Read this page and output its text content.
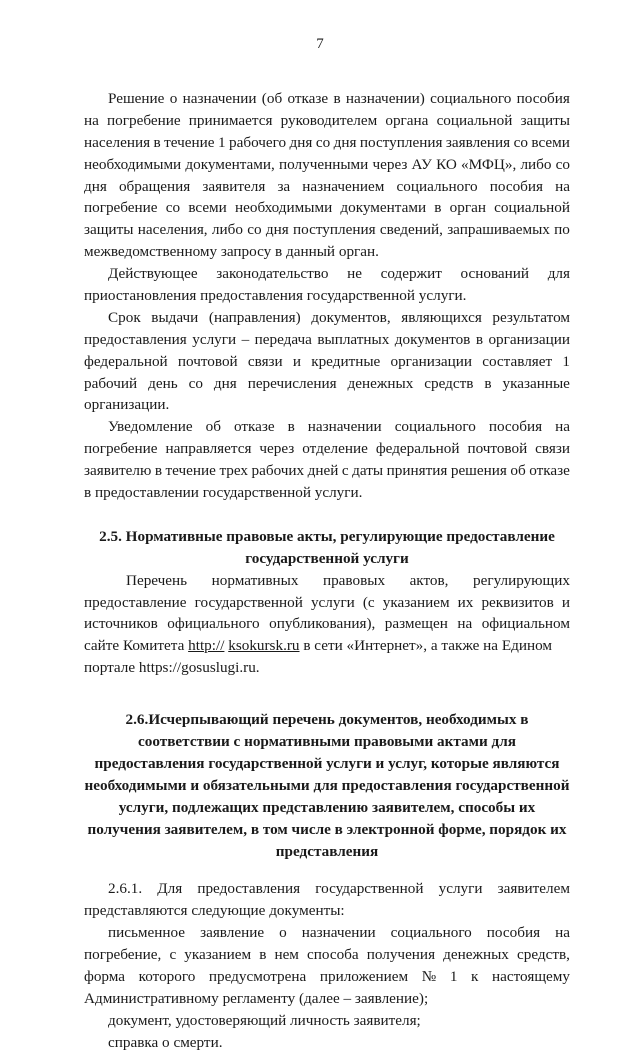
7
Решение о назначении (об отказе в назначении) социального пособия
на погребение принимается руководителем органа социальной защиты
населения в течение 1 рабочего дня со дня поступления заявления со всеми
необходимыми документами, полученными через АУ КО «МФЦ», либо со
дня обращения заявителя за назначением социального пособия на
погребение со всеми необходимыми документами в орган социальной
защиты населения, либо со дня поступления сведений, запрашиваемых по
межведомственному запросу в данный орган.
Действующее законодательство не содержит оснований для
приостановления предоставления государственной услуги.
Срок выдачи (направления) документов, являющихся результатом
предоставления услуги – передача выплатных документов в организации
федеральной почтовой связи и кредитные организации составляет 1
рабочий день со дня перечисления денежных средств в указанные
организации.
Уведомление об отказе в назначении социального пособия на
погребение направляется через отделение федеральной почтовой связи
заявителю в течение трех рабочих дней с даты принятия решения об отказе
в предоставлении государственной услуги.
2.5. Нормативные правовые акты, регулирующие предоставление
государственной услуги
Перечень нормативных правовых актов, регулирующих
предоставление государственной услуги (с указанием их реквизитов и
источников официального опубликования), размещен на официальном
сайте Комитета http:// ksokursk.ru в сети «Интернет», а также на Едином
портале https://gosuslugi.ru.
2.6.Исчерпывающий перечень документов, необходимых в
соответствии с нормативными правовыми актами для
предоставления государственной услуги и услуг, которые являются
необходимыми и обязательными для предоставления государственной
услуги, подлежащих представлению заявителем, способы их
получения заявителем, в том числе в электронной форме, порядок их
представления
2.6.1. Для предоставления государственной услуги заявителем
представляются следующие документы:
письменное заявление о назначении социального пособия на
погребение, с указанием в нем способа получения денежных средств,
форма которого предусмотрена приложением № 1 к настоящему
Административному регламенту (далее – заявление);
документ, удостоверяющий личность заявителя;
справка о смерти.
